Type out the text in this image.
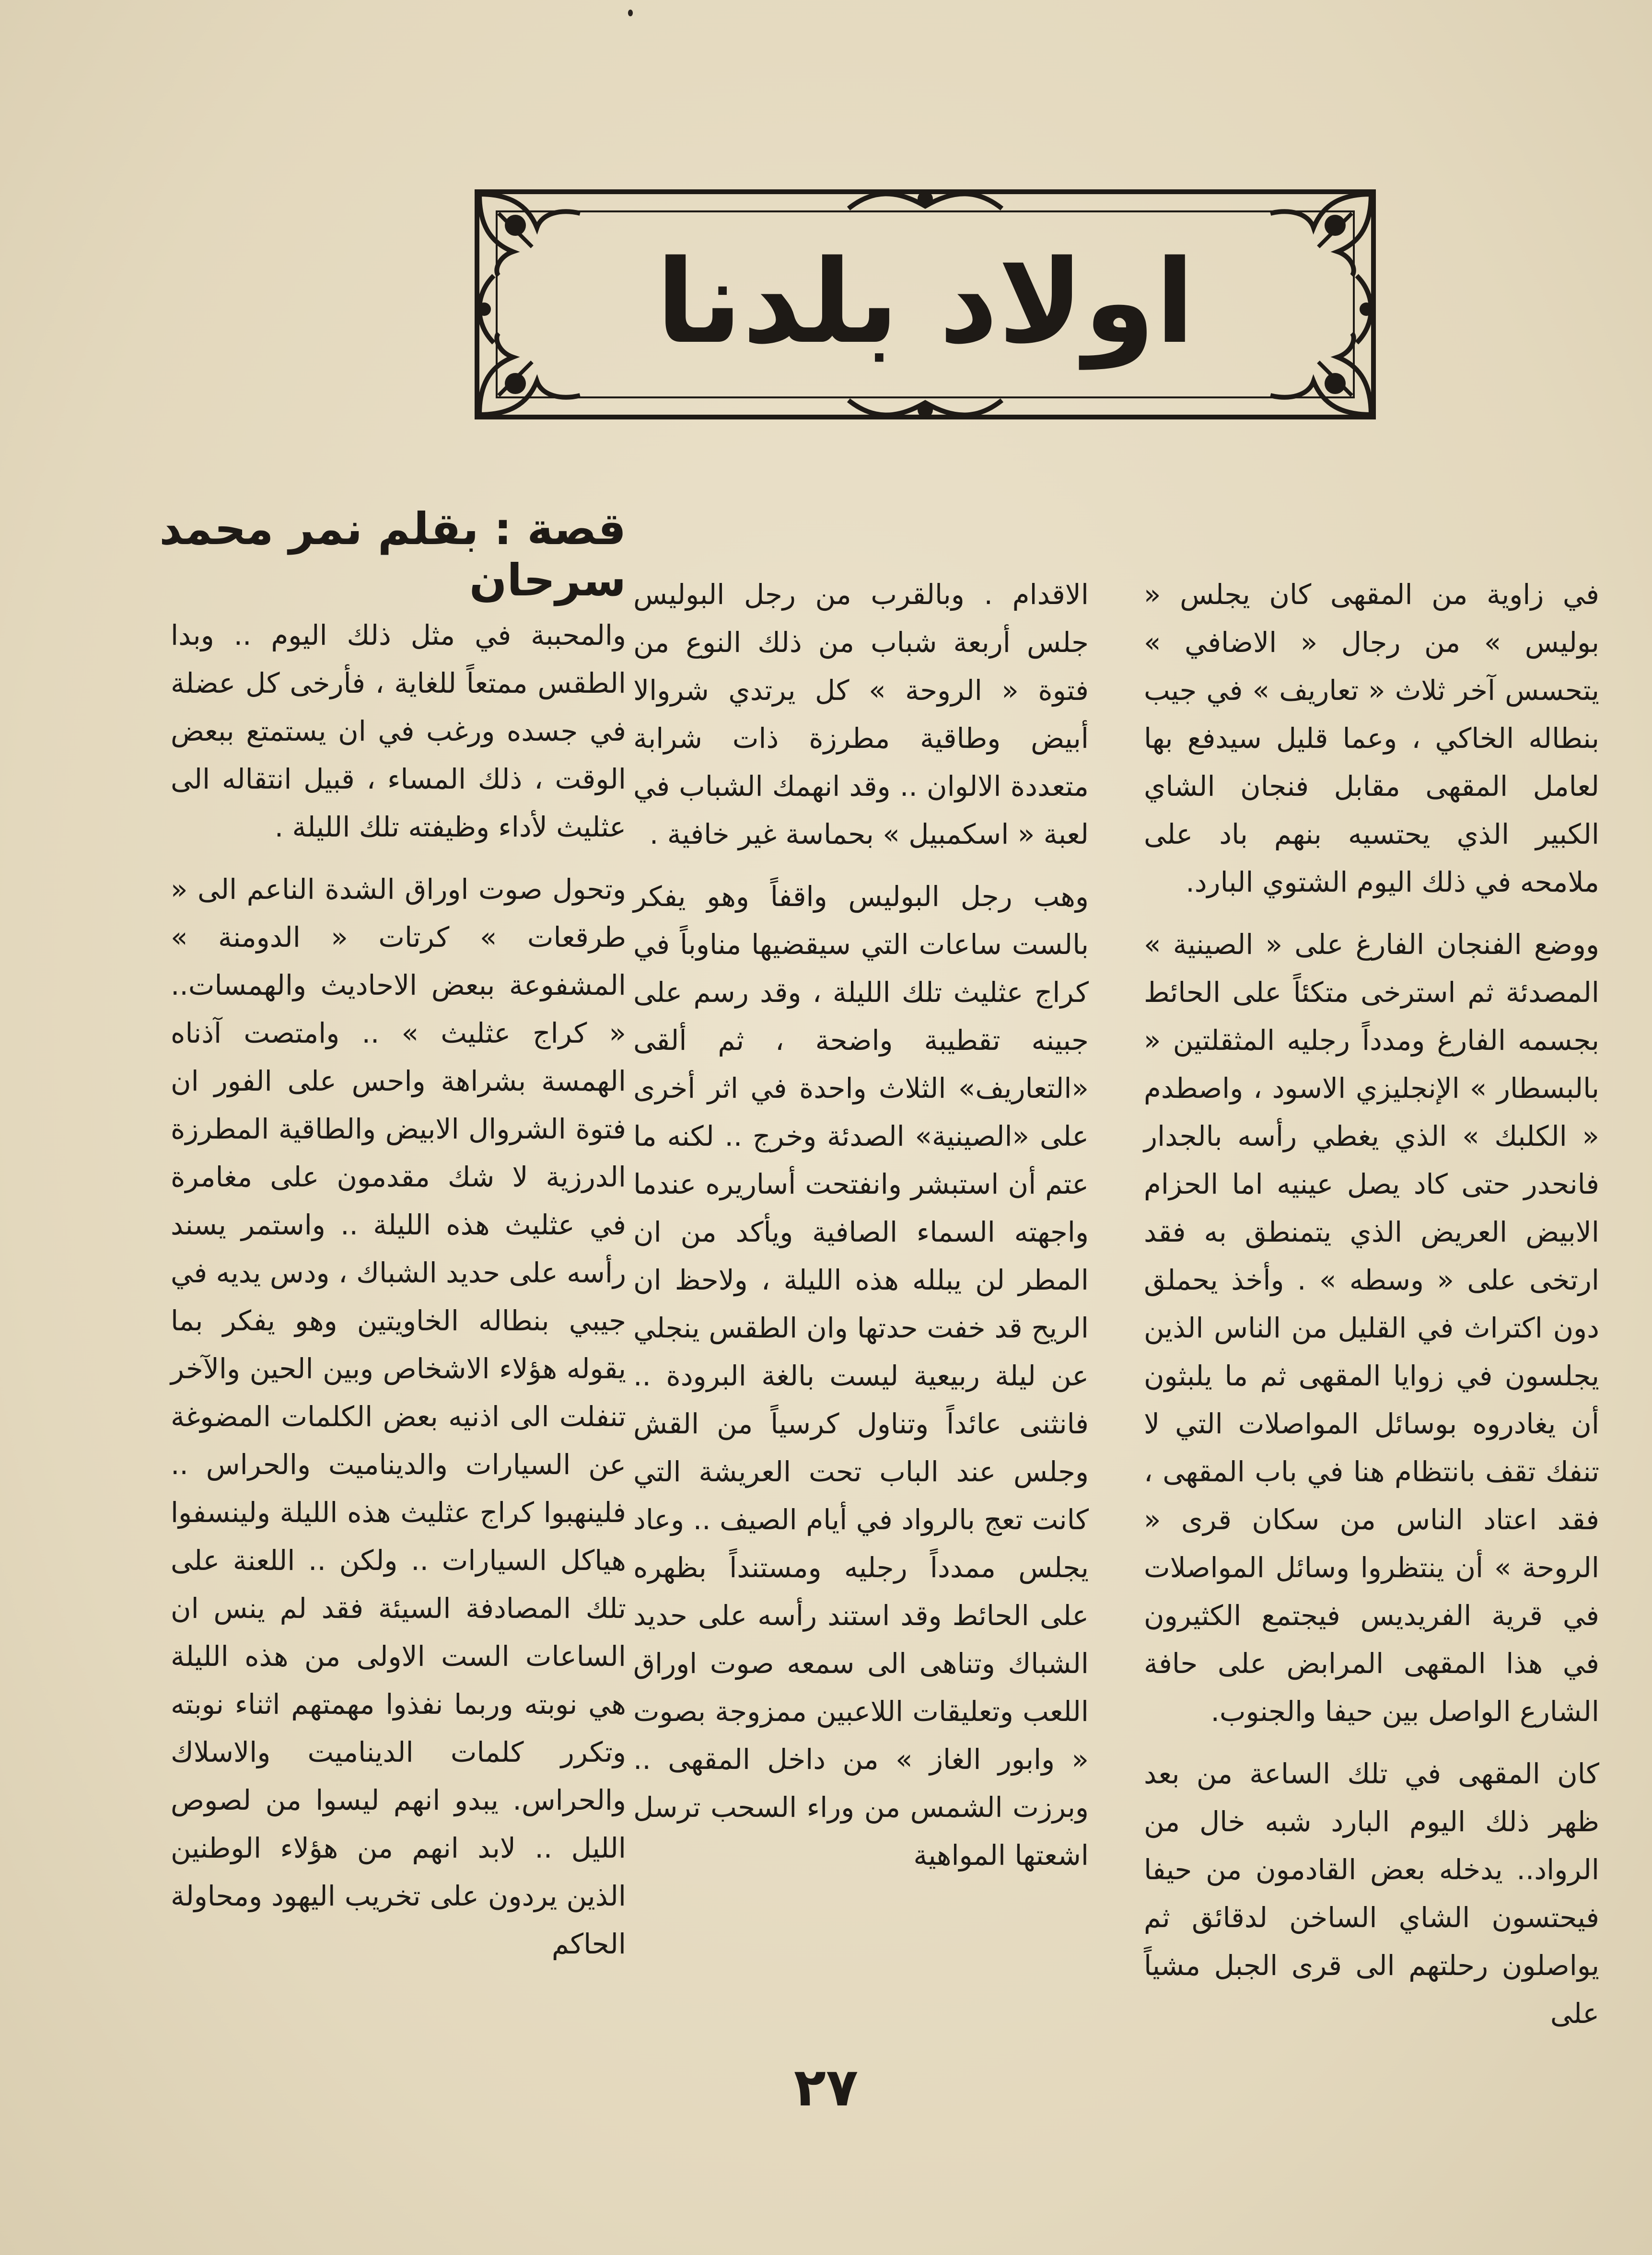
اولاد بلدنا
قصة : بقلم نمر محمد سرحان	في زاوية من المقهى كان يجلس « بوليس » من رجال « الاضافي » يتحسس آخر ثلاث « تعاريف » في جيب بنطاله الخاكي ، وعما قليل سيدفع بها لعامل المقهى مقابل فنجان الشاي الكبير الذي يحتسيه بنهم باد على ملامحه في ذلك اليوم الشتوي البارد.

ووضع الفنجان الفارغ على « الصينية » المصدئة ثم استرخى متكئاً على الحائط بجسمه الفارغ ومدداً رجليه المثقلتين « بالبسطار » الإنجليزي الاسود ، واصطدم « الكلبك » الذي يغطي رأسه بالجدار فانحدر حتى كاد يصل عينيه اما الحزام الابيض العريض الذي يتمنطق به فقد ارتخى على « وسطه » . وأخذ يحملق دون اكتراث في القليل من الناس الذين يجلسون في زوايا المقهى ثم ما يلبثون أن يغادروه بوسائل المواصلات التي لا تنفك تقف بانتظام هنا في باب المقهى ، فقد اعتاد الناس من سكان قرى « الروحة » أن ينتظروا وسائل المواصلات في قرية الفريديس فيجتمع الكثيرون في هذا المقهى المرابض على حافة الشارع الواصل بين حيفا والجنوب.

كان المقهى في تلك الساعة من بعد ظهر ذلك اليوم البارد شبه خال من الرواد.. يدخله بعض القادمون من حيفا فيحتسون الشاي الساخن لدقائق ثم يواصلون رحلتهم الى قرى الجبل مشياً على

الاقدام . وبالقرب من رجل البوليس جلس أربعة شباب من ذلك النوع من فتوة « الروحة » كل يرتدي شروالا أبيض وطاقية مطرزة ذات شرابة متعددة الالوان .. وقد انهمك الشباب في لعبة « اسكمبيل » بحماسة غير خافية .

وهب رجل البوليس واقفاً وهو يفكر بالست ساعات التي سيقضيها مناوباً في كراج عثليث تلك الليلة ، وقد رسم على جبينه تقطيبة واضحة ، ثم ألقى «التعاريف» الثلاث واحدة في اثر أخرى على «الصينية» الصدئة وخرج .. لكنه ما عتم أن استبشر وانفتحت أساريره عندما واجهته السماء الصافية ويأكد من ان المطر لن يبلله هذه الليلة ، ولاحظ ان الريح قد خفت حدتها وان الطقس ينجلي عن ليلة ربيعية ليست بالغة البرودة .. فانثنى عائداً وتناول كرسياً من القش وجلس عند الباب تحت العريشة التي كانت تعج بالرواد في أيام الصيف .. وعاد يجلس ممدداً رجليه ومستنداً بظهره على الحائط وقد استند رأسه على حديد الشباك وتناهى الى سمعه صوت اوراق اللعب وتعليقات اللاعبين ممزوجة بصوت « وابور الغاز » من داخل المقهى .. وبرزت الشمس من وراء السحب ترسل اشعتها المواهية

والمحببة في مثل ذلك اليوم .. وبدا الطقس ممتعاً للغاية ، فأرخى كل عضلة في جسده ورغب في ان يستمتع ببعض الوقت ، ذلك المساء ، قبيل انتقاله الى عثليث لأداء وظيفته تلك الليلة .

وتحول صوت اوراق الشدة الناعم الى « طرقعات » كرتات « الدومنة » المشفوعة ببعض الاحاديث والهمسات.. « كراج عثليث » .. وامتصت آذناه الهمسة بشراهة واحس على الفور ان فتوة الشروال الابيض والطاقية المطرزة الدرزية لا شك مقدمون على مغامرة في عثليث هذه الليلة .. واستمر يسند رأسه على حديد الشباك ، ودس يديه في جيبي بنطاله الخاويتين وهو يفكر بما يقوله هؤلاء الاشخاص وبين الحين والآخر تنفلت الى اذنيه بعض الكلمات المضوغة عن السيارات والديناميت والحراس .. فلينهبوا كراج عثليث هذه الليلة ولينسفوا هياكل السيارات .. ولكن .. اللعنة على تلك المصادفة السيئة فقد لم ينس ان الساعات الست الاولى من هذه الليلة هي نوبته وربما نفذوا مهمتهم اثناء نوبته وتكرر كلمات الديناميت والاسلاك والحراس. يبدو انهم ليسوا من لصوص الليل .. لابد انهم من هؤلاء الوطنين الذين يردون على تخريب اليهود ومحاولة الحاكم

٢٧
